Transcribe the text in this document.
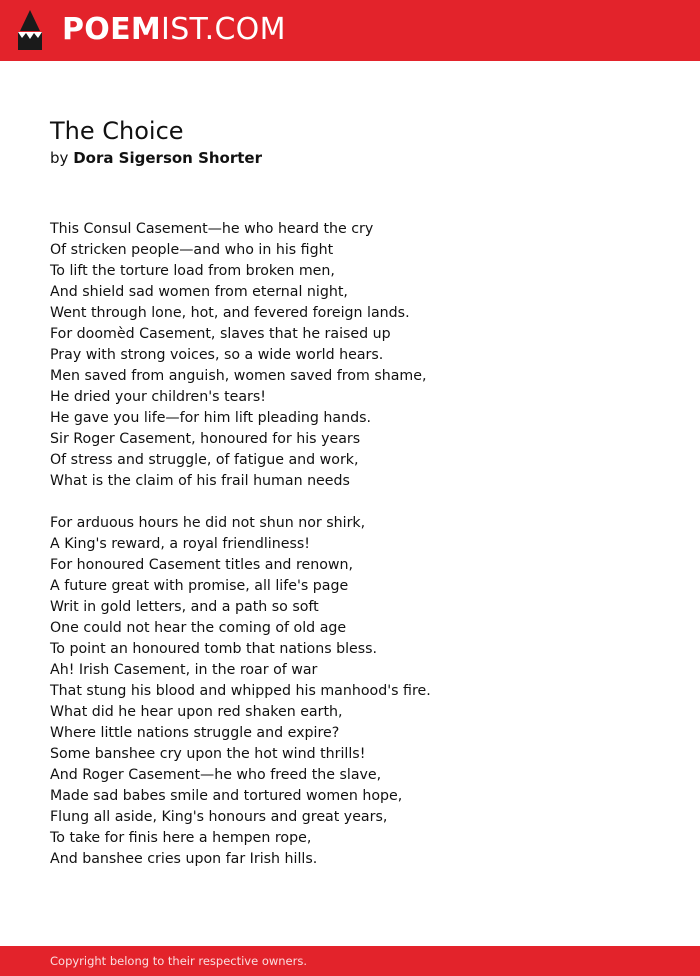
POEMIST.COM
The Choice
by Dora Sigerson Shorter
This Consul Casement—he who heard the cry
Of stricken people—and who in his fight
To lift the torture load from broken men,
And shield sad women from eternal night,
Went through lone, hot, and fevered foreign lands.
For doomèd Casement, slaves that he raised up
Pray with strong voices, so a wide world hears.
Men saved from anguish, women saved from shame,
He dried your children's tears!
He gave you life—for him lift pleading hands.
Sir Roger Casement, honoured for his years
Of stress and struggle, of fatigue and work,
What is the claim of his frail human needs
For arduous hours he did not shun nor shirk,
A King's reward, a royal friendliness!
For honoured Casement titles and renown,
A future great with promise, all life's page
Writ in gold letters, and a path so soft
One could not hear the coming of old age
To point an honoured tomb that nations bless.
Ah! Irish Casement, in the roar of war
That stung his blood and whipped his manhood's fire.
What did he hear upon red shaken earth,
Where little nations struggle and expire?
Some banshee cry upon the hot wind thrills!
And Roger Casement—he who freed the slave,
Made sad babes smile and tortured women hope,
Flung all aside, King's honours and great years,
To take for finis here a hempen rope,
And banshee cries upon far Irish hills.
Copyright belong to their respective owners.
